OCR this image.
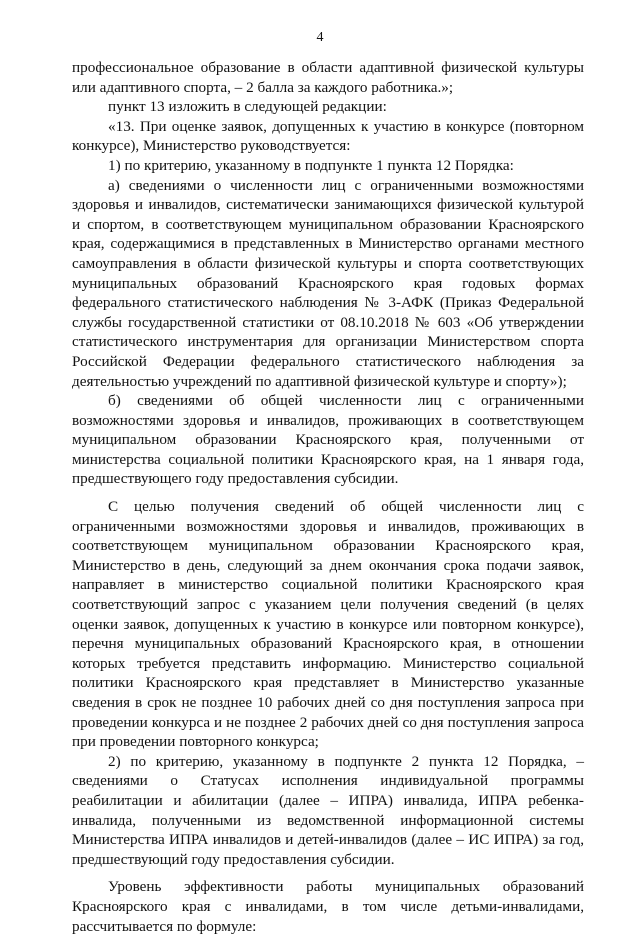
4

профессиональное образование в области адаптивной физической культуры или адаптивного спорта, – 2 балла за каждого работника.»;

пункт 13 изложить в следующей редакции:

«13. При оценке заявок, допущенных к участию в конкурсе (повторном конкурсе), Министерство руководствуется:

1) по критерию, указанному в подпункте 1 пункта 12 Порядка:

а) сведениями о численности лиц с ограниченными возможностями здоровья и инвалидов, систематически занимающихся физической культурой и спортом, в соответствующем муниципальном образовании Красноярского края, содержащимися в представленных в Министерство органами местного самоуправления в области физической культуры и спорта соответствующих муниципальных образований Красноярского края годовых формах федерального статистического наблюдения № 3-АФК (Приказ Федеральной службы государственной статистики от 08.10.2018 № 603 «Об утверждении статистического инструментария для организации Министерством спорта Российской Федерации федерального статистического наблюдения за деятельностью учреждений по адаптивной физической культуре и спорту»);

б) сведениями об общей численности лиц с ограниченными возможностями здоровья и инвалидов, проживающих в соответствующем муниципальном образовании Красноярского края, полученными от министерства социальной политики Красноярского края, на 1 января года, предшествующего году предоставления субсидии.

С целью получения сведений об общей численности лиц с ограниченными возможностями здоровья и инвалидов, проживающих в соответствующем муниципальном образовании Красноярского края, Министерство в день, следующий за днем окончания срока подачи заявок, направляет в министерство социальной политики Красноярского края соответствующий запрос с указанием цели получения сведений (в целях оценки заявок, допущенных к участию в конкурсе или повторном конкурсе), перечня муниципальных образований Красноярского края, в отношении которых требуется представить информацию. Министерство социальной политики Красноярского края представляет в Министерство указанные сведения в срок не позднее 10 рабочих дней со дня поступления запроса при проведении конкурса и не позднее 2 рабочих дней со дня поступления запроса при проведении повторного конкурса;

2) по критерию, указанному в подпункте 2 пункта 12 Порядка, – сведениями о Статусах исполнения индивидуальной программы реабилитации и абилитации (далее – ИПРА) инвалида, ИПРА ребенка-инвалида, полученными из ведомственной информационной системы Министерства ИПРА инвалидов и детей-инвалидов (далее – ИС ИПРА) за год, предшествующий году предоставления субсидии.

Уровень эффективности работы муниципальных образований Красноярского края с инвалидами, в том числе детьми-инвалидами, рассчитывается по формуле:
